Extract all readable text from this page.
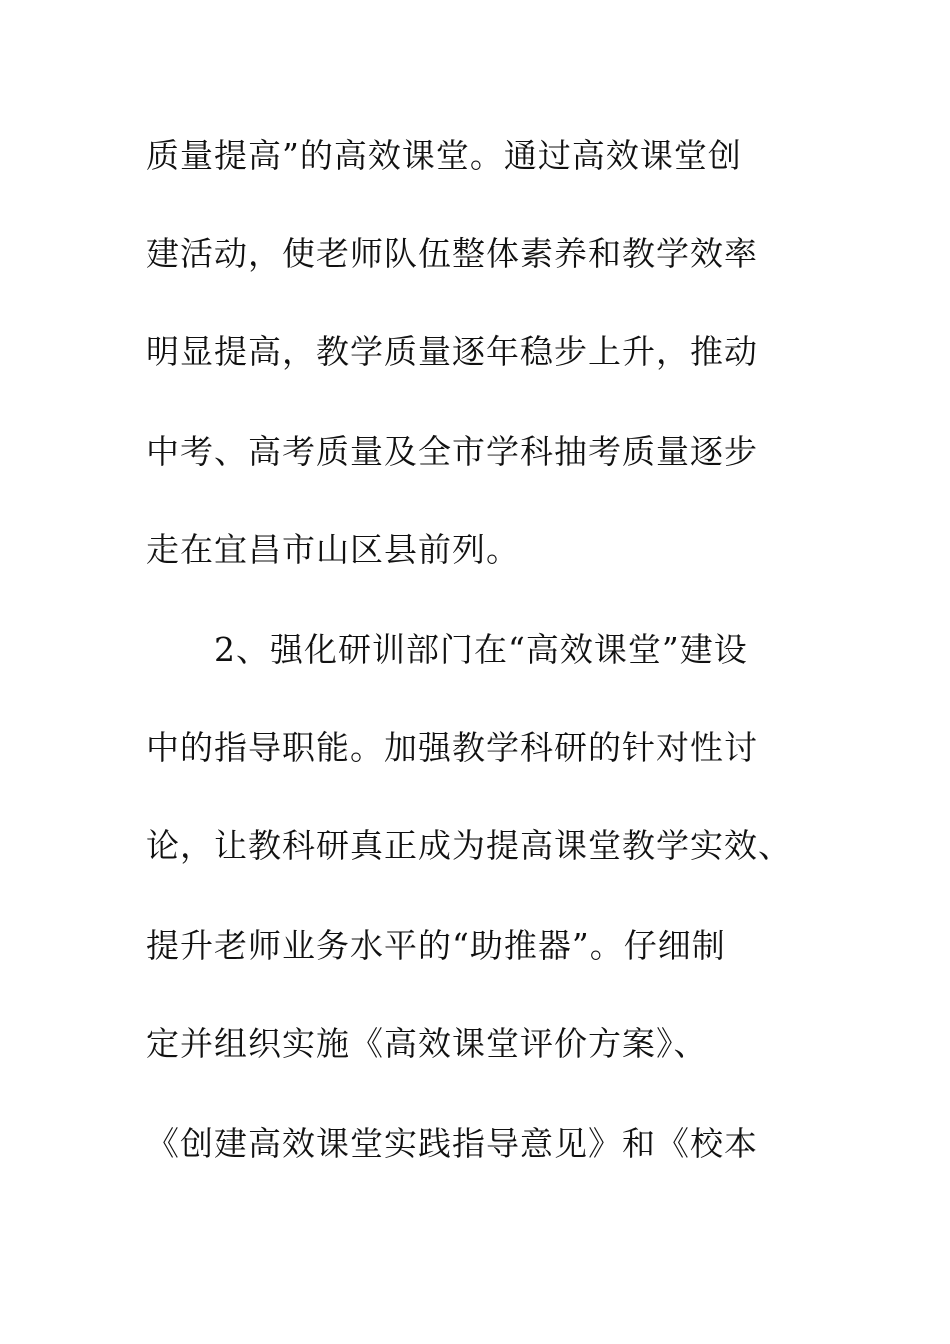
质量提高”的高效课堂。通过高效课堂创
建活动，使老师队伍整体素养和教学效率
明显提高，教学质量逐年稳步上升，推动
中考、高考质量及全市学科抽考质量逐步
走在宜昌市山区县前列。
2、强化研训部门在“高效课堂”建设
中的指导职能。加强教学科研的针对性讨
论，让教科研真正成为提高课堂教学实效、
提升老师业务水平的“助推器”。仔细制
定并组织实施《高效课堂评价方案》、
《创建高效课堂实践指导意见》和《校本
